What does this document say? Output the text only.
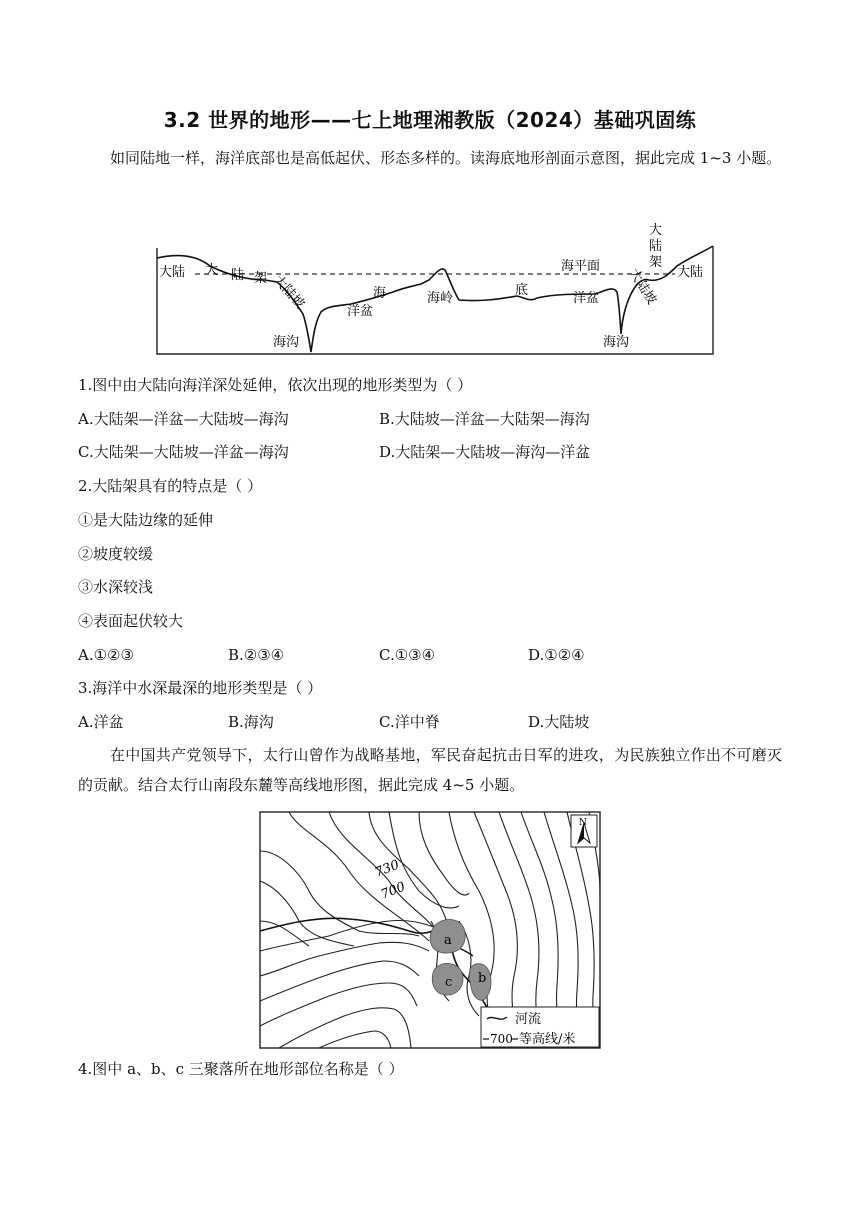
3.2 世界的地形——七上地理湘教版（2024）基础巩固练
如同陆地一样，海洋底部也是高低起伏、形态多样的。读海底地形剖面示意图，据此完成 1~3 小题。
大陆 大 陆 架 大陆坡
海沟
洋盆
海	海岭
底
海平面
洋盆 大陆坡
海沟
大
陆
架
大陆
1.图中由大陆向海洋深处延伸，依次出现的地形类型为（ ）
A.大陆架—洋盆—大陆坡—海沟	B.大陆坡—洋盆—大陆架—海沟
C.大陆架—大陆坡—洋盆—海沟	D.大陆架—大陆坡—海沟—洋盆
2.大陆架具有的特点是（ ）
①是大陆边缘的延伸
②坡度较缓
③水深较浅
④表面起伏较大
A.①②③	B.②③④	C.①③④	D.①②④
3.海洋中水深最深的地形类型是（ ）
A.洋盆	B.海沟	C.洋中脊	D.大陆坡
在中国共产党领导下，太行山曾作为战略基地，军民奋起抗击日军的进攻，为民族独立作出不可磨灭的贡献。结合太行山南段东麓等高线地形图，据此完成 4~5 小题。
a
c b
730
700
N
河流
700 等高线/米
4.图中 a、b、c 三聚落所在地形部位名称是（ ）
